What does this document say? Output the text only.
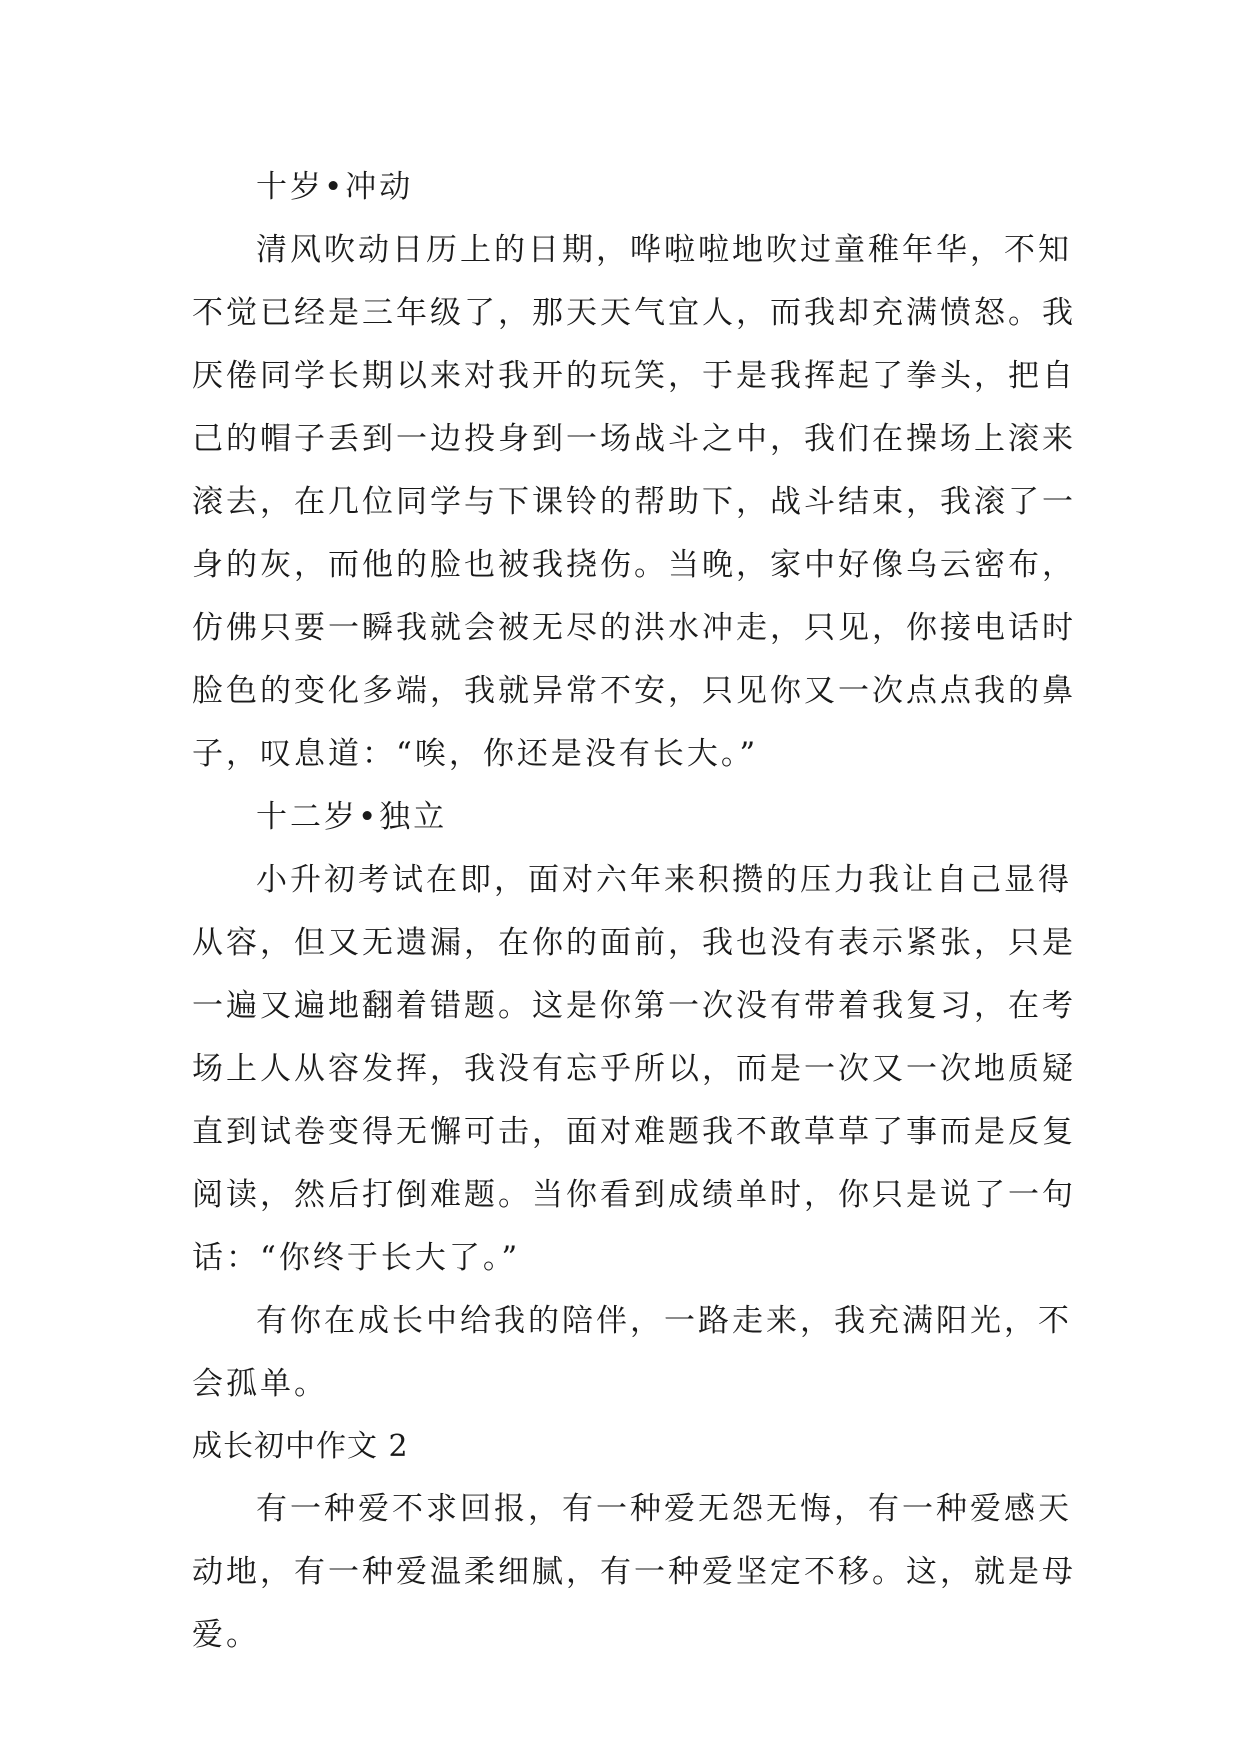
十岁•冲动
清风吹动日历上的日期，哗啦啦地吹过童稚年华，不知
不觉已经是三年级了，那天天气宜人，而我却充满愤怒。我
厌倦同学长期以来对我开的玩笑，于是我挥起了拳头，把自
己的帽子丢到一边投身到一场战斗之中，我们在操场上滚来
滚去，在几位同学与下课铃的帮助下，战斗结束，我滚了一
身的灰，而他的脸也被我挠伤。当晚，家中好像乌云密布，
仿佛只要一瞬我就会被无尽的洪水冲走，只见，你接电话时
脸色的变化多端，我就异常不安，只见你又一次点点我的鼻
子，叹息道：“唉，你还是没有长大。”
十二岁•独立
小升初考试在即，面对六年来积攒的压力我让自己显得
从容，但又无遗漏，在你的面前，我也没有表示紧张，只是
一遍又遍地翻着错题。这是你第一次没有带着我复习，在考
场上人从容发挥，我没有忘乎所以，而是一次又一次地质疑
直到试卷变得无懈可击，面对难题我不敢草草了事而是反复
阅读，然后打倒难题。当你看到成绩单时，你只是说了一句
话：“你终于长大了。”
有你在成长中给我的陪伴，一路走来，我充满阳光，不
会孤单。
成长初中作文 2
有一种爱不求回报，有一种爱无怨无悔，有一种爱感天
动地，有一种爱温柔细腻，有一种爱坚定不移。这，就是母
爱。
